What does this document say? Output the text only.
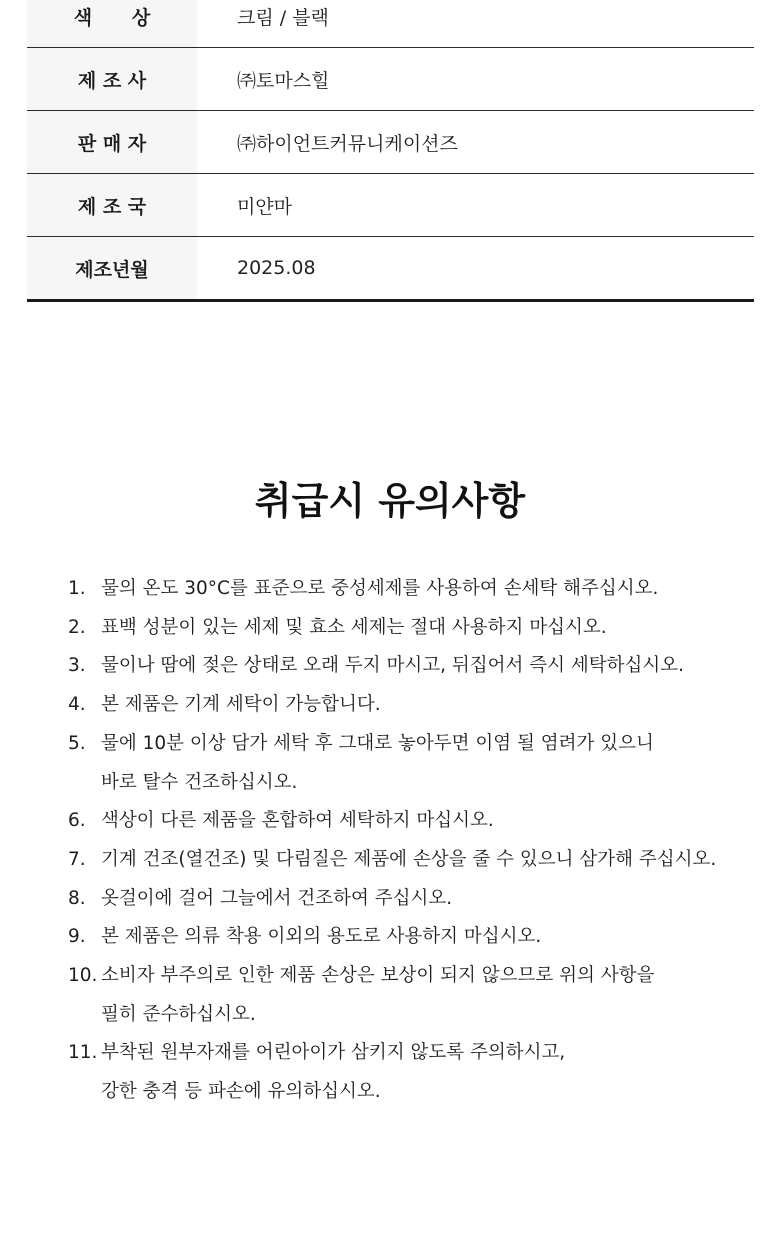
색      상	크림 / 블랙
제 조 사	㈜토마스힐
판 매 자	㈜하이언트커뮤니케이션즈
제 조 국	미얀마
제조년월	2025.08
취급시 유의사항
1. 물의 온도 30°C를 표준으로 중성세제를 사용하여 손세탁 해주십시오.
2. 표백 성분이 있는 세제 및 효소 세제는 절대 사용하지 마십시오.
3. 물이나 땀에 젖은 상태로 오래 두지 마시고, 뒤집어서 즉시 세탁하십시오.
4. 본 제품은 기계 세탁이 가능합니다.
5. 물에 10분 이상 담가 세탁 후 그대로 놓아두면 이염 될 염려가 있으니
바로 탈수 건조하십시오.
6. 색상이 다른 제품을 혼합하여 세탁하지 마십시오.
7. 기계 건조(열건조) 및 다림질은 제품에 손상을 줄 수 있으니 삼가해 주십시오.
8. 옷걸이에 걸어 그늘에서 건조하여 주십시오.
9. 본 제품은 의류 착용 이외의 용도로 사용하지 마십시오.
10. 소비자 부주의로 인한 제품 손상은 보상이 되지 않으므로 위의 사항을
필히 준수하십시오.
11. 부착된 원부자재를 어린아이가 삼키지 않도록 주의하시고,
강한 충격 등 파손에 유의하십시오.
